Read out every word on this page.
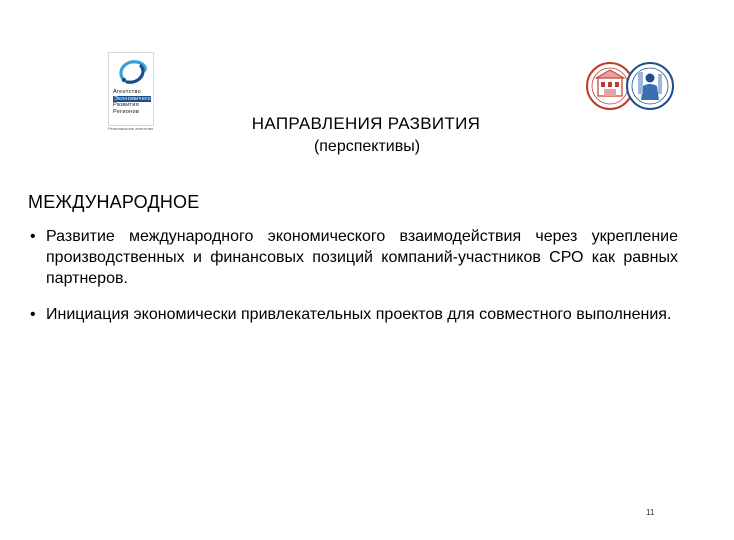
Агентство
Экономического
Развития
Регионов
Региональное агентство	НАПРАВЛЕНИЯ РАЗВИТИЯ
(перспективы)
МЕЖДУНАРОДНОЕ
• Развитие международного экономического взаимодействия через укрепление производственных и финансовых позиций компаний-участников СРО как равных партнеров.
• Инициация экономически привлекательных проектов для совместного выполнения.
11
